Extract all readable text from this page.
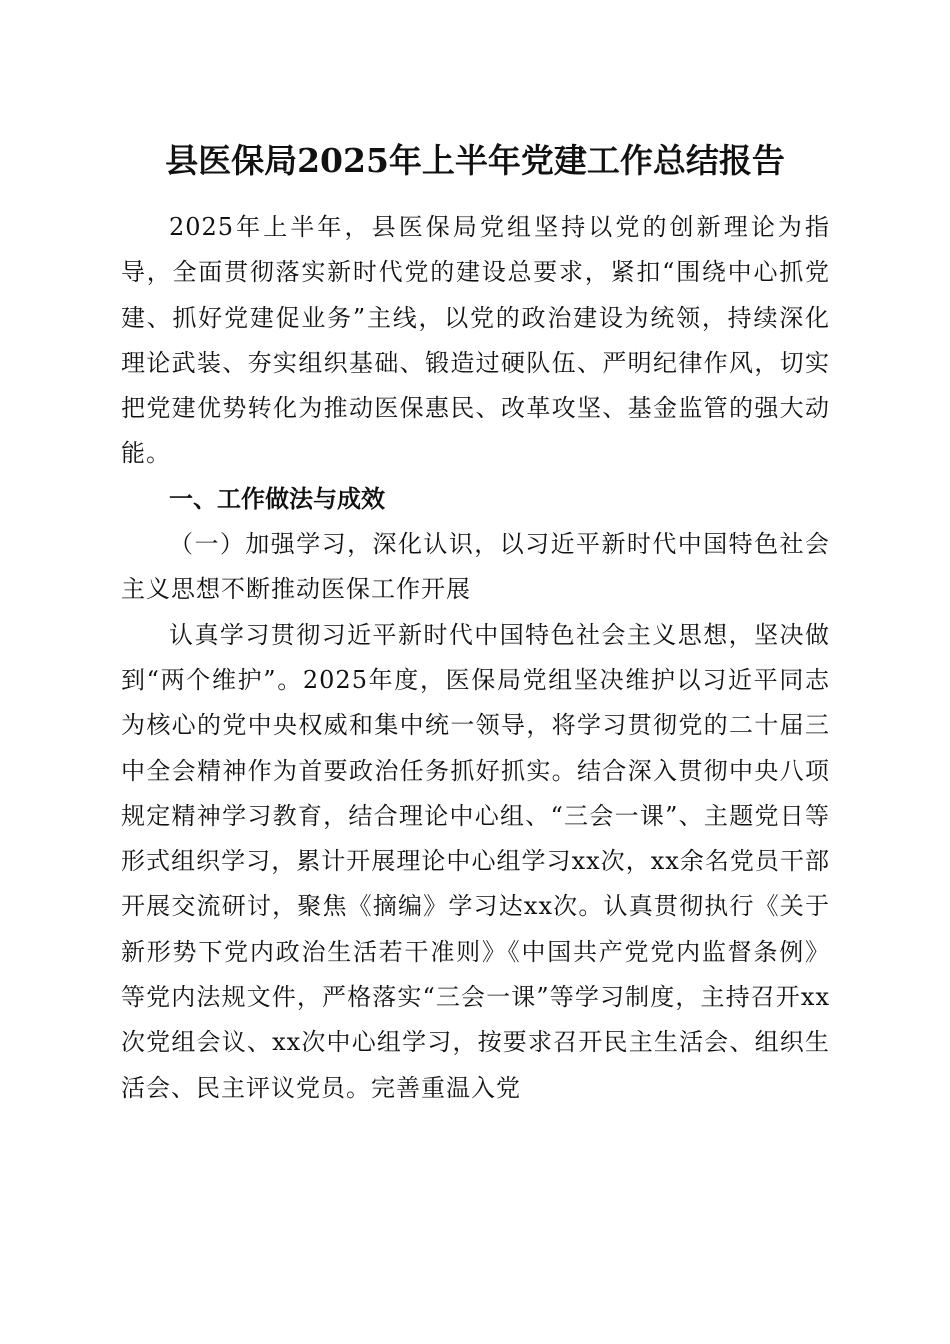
县医保局2025年上半年党建工作总结报告

2025年上半年，县医保局党组坚持以党的创新理论为指导，全面贯彻落实新时代党的建设总要求，紧扣“围绕中心抓党建、抓好党建促业务”主线，以党的政治建设为统领，持续深化理论武装、夯实组织基础、锻造过硬队伍、严明纪律作风，切实把党建优势转化为推动医保惠民、改革攻坚、基金监管的强大动能。

一、工作做法与成效

（一）加强学习，深化认识，以习近平新时代中国特色社会主义思想不断推动医保工作开展

认真学习贯彻习近平新时代中国特色社会主义思想，坚决做到“两个维护”。2025年度，医保局党组坚决维护以习近平同志为核心的党中央权威和集中统一领导，将学习贯彻党的二十届三中全会精神作为首要政治任务抓好抓实。结合深入贯彻中央八项规定精神学习教育，结合理论中心组、“三会一课”、主题党日等形式组织学习，累计开展理论中心组学习xx次，xx余名党员干部开展交流研讨，聚焦《摘编》学习达xx次。认真贯彻执行《关于新形势下党内政治生活若干准则》《中国共产党党内监督条例》等党内法规文件，严格落实“三会一课”等学习制度，主持召开xx次党组会议、xx次中心组学习，按要求召开民主生活会、组织生活会、民主评议党员。完善重温入党
